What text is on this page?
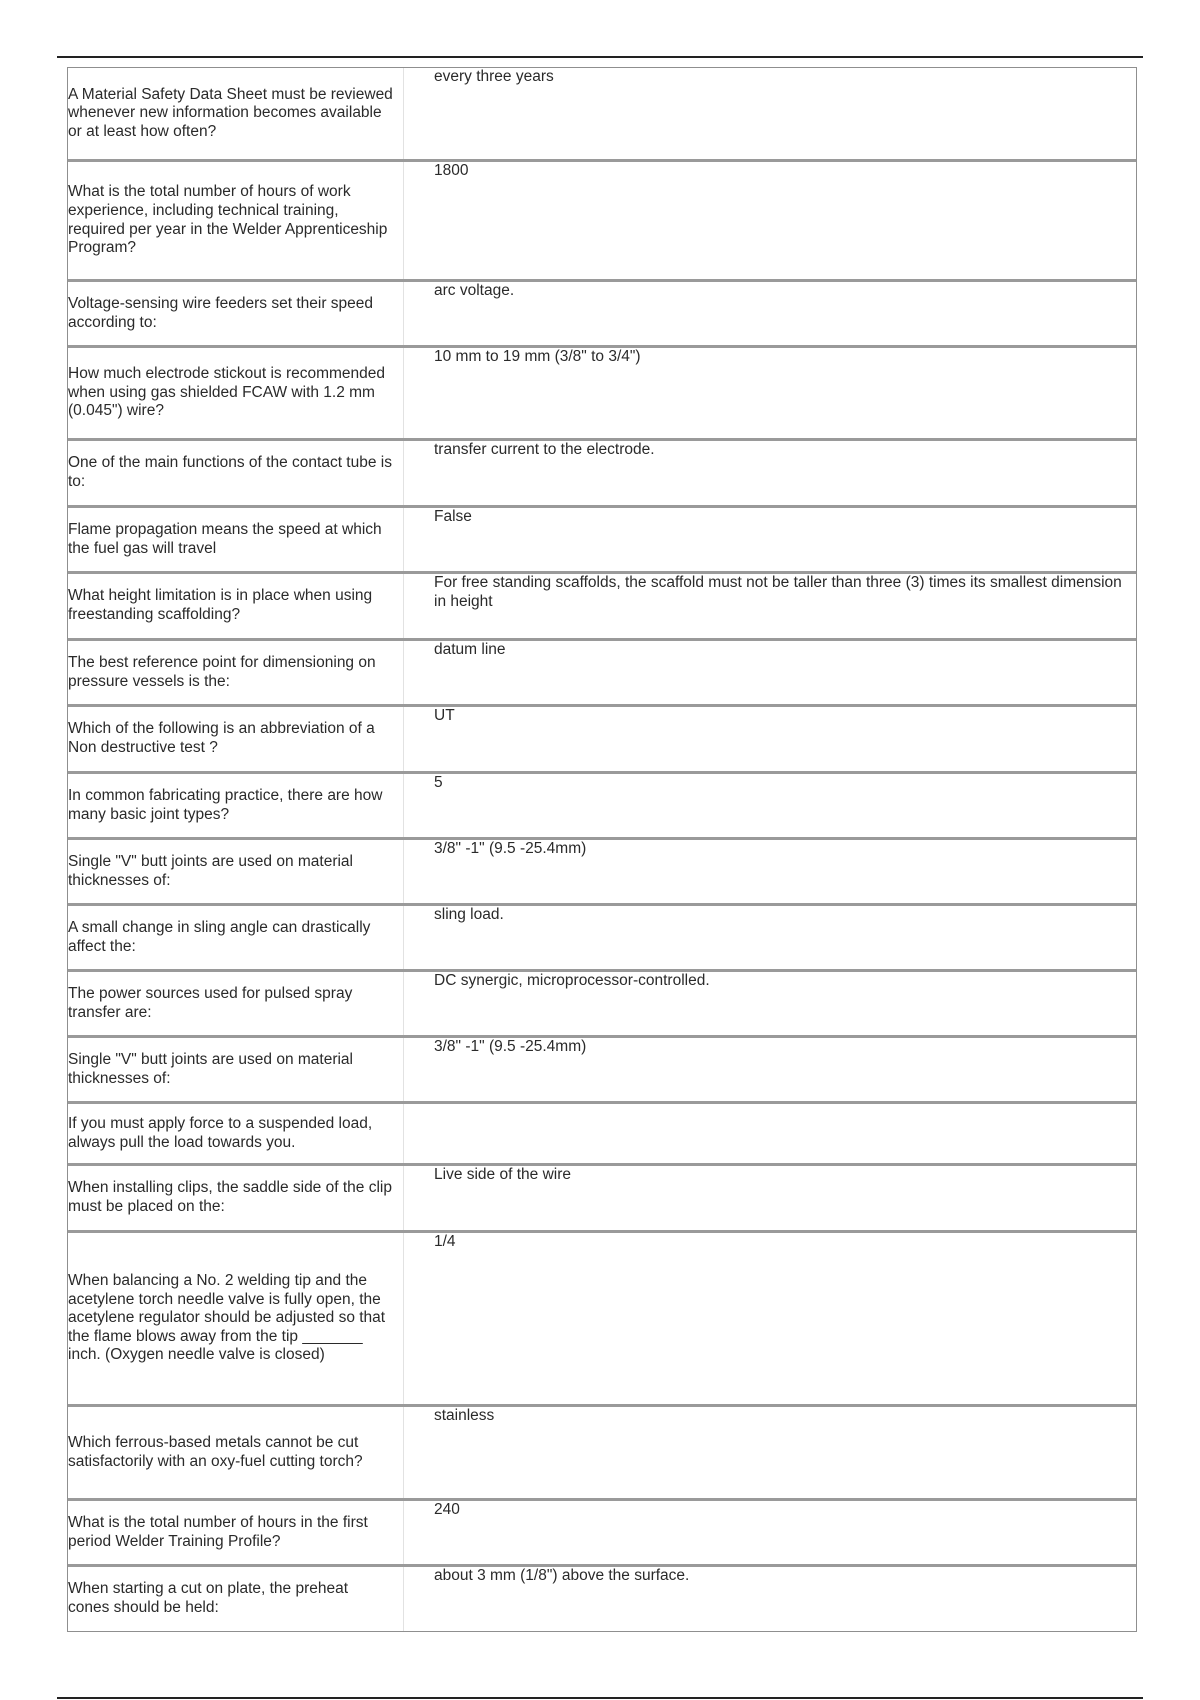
A Material Safety Data Sheet must be reviewed whenever new information becomes available or at least how often?
every three years
What is the total number of hours of work experience, including technical training, required per year in the Welder Apprenticeship Program?
1800
Voltage-sensing wire feeders set their speed according to:
arc voltage.
How much electrode stickout is recommended when using gas shielded FCAW with 1.2 mm (0.045") wire?
10 mm to 19 mm (3/8" to 3/4")
One of the main functions of the contact tube is to:
transfer current to the electrode.
Flame propagation means the speed at which the fuel gas will travel
False
What height limitation is in place when using freestanding scaffolding?
For free standing scaffolds, the scaffold must not be taller than three (3) times its smallest dimension in height
The best reference point for dimensioning on pressure vessels is the:
datum line
Which of the following is an abbreviation of a Non destructive test ?
UT
In common fabricating practice, there are how many basic joint types?
5
Single "V" butt joints are used on material thicknesses of:
3/8" -1" (9.5 -25.4mm)
A small change in sling angle can drastically affect the:
sling load.
The power sources used for pulsed spray transfer are:
DC synergic, microprocessor-controlled.
Single "V" butt joints are used on material thicknesses of:
3/8" -1" (9.5 -25.4mm)
If you must apply force to a suspended load, always pull the load towards you.
When installing clips, the saddle side of the clip must be placed on the:
Live side of the wire
When balancing a No. 2 welding tip and the acetylene torch needle valve is fully open, the acetylene regulator should be adjusted so that the flame blows away from the tip _______ inch. (Oxygen needle valve is closed)
1/4
Which ferrous-based metals cannot be cut satisfactorily with an oxy-fuel cutting torch?
stainless
What is the total number of hours in the first period Welder Training Profile?
240
When starting a cut on plate, the preheat cones should be held:
about 3 mm (1/8") above the surface.
